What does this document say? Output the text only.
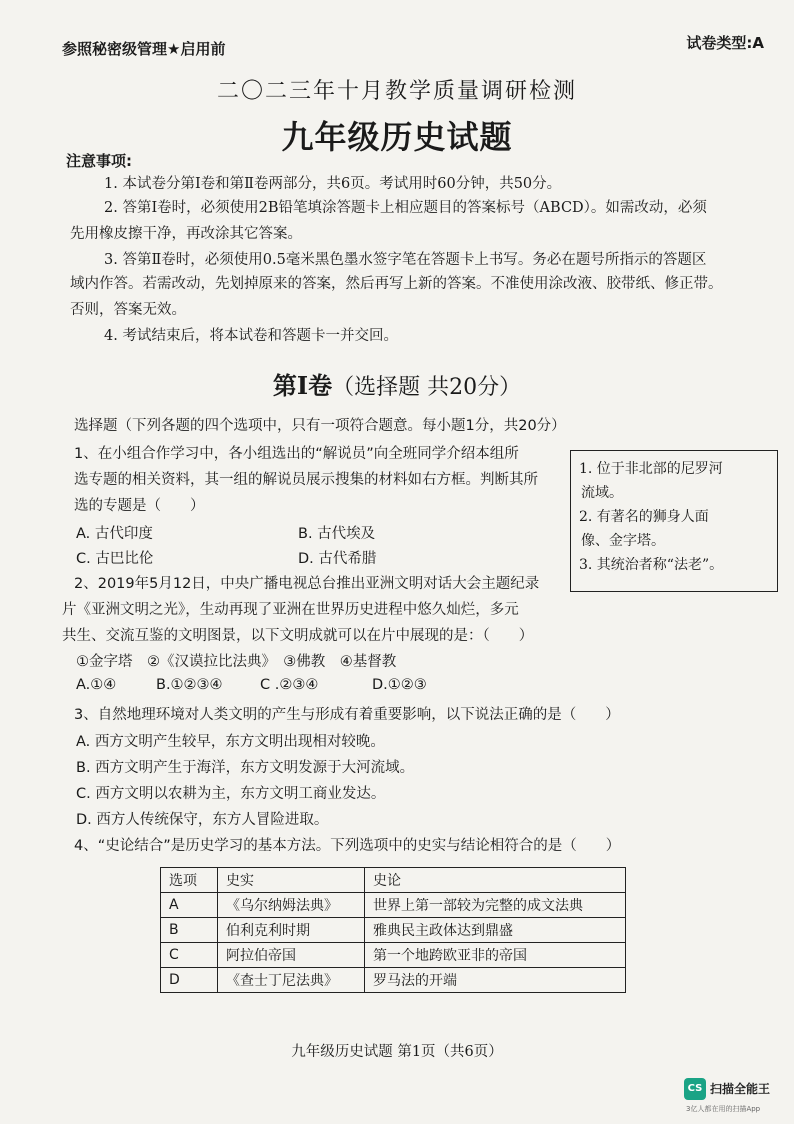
参照秘密级管理★启用前	试卷类型:A
二〇二三年十月教学质量调研检测
九年级历史试题
注意事项:
1. 本试卷分第Ⅰ卷和第Ⅱ卷两部分，共6页。考试用时60分钟，共50分。
2. 答第Ⅰ卷时，必须使用2B铅笔填涂答题卡上相应题目的答案标号（ABCD）。如需改动，必须
先用橡皮擦干净，再改涂其它答案。
3. 答第Ⅱ卷时，必须使用0.5毫米黑色墨水签字笔在答题卡上书写。务必在题号所指示的答题区
域内作答。若需改动，先划掉原来的答案，然后再写上新的答案。不准使用涂改液、胶带纸、修正带。
否则，答案无效。
4. 考试结束后，将本试卷和答题卡一并交回。
第Ⅰ卷（选择题 共20分）
选择题（下列各题的四个选项中，只有一项符合题意。每小题1分，共20分）
1、在小组合作学习中，各小组选出的“解说员”向全班同学介绍本组所
选专题的相关资料，其一组的解说员展示搜集的材料如右方框。判断其所
选的专题是（　　）
A. 古代印度	B. 古代埃及
C. 古巴比伦	D. 古代希腊
1. 位于非北部的尼罗河
流域。
2. 有著名的狮身人面
像、金字塔。
3. 其统治者称“法老”。
2、2019年5月12日，中央广播电视总台推出亚洲文明对话大会主题纪录
片《亚洲文明之光》，生动再现了亚洲在世界历史进程中悠久灿烂，多元
共生、交流互鉴的文明图景，以下文明成就可以在片中展现的是：（　　）
①金字塔　②《汉谟拉比法典》　③佛教　④基督教
A.①④	B.①②③④	C .②③④	D.①②③
3、自然地理环境对人类文明的产生与形成有着重要影响，以下说法正确的是（　　）
A. 西方文明产生较早，东方文明出现相对较晚。
B. 西方文明产生于海洋，东方文明发源于大河流域。
C. 西方文明以农耕为主，东方文明工商业发达。
D. 西方人传统保守，东方人冒险进取。
4、“史论结合”是历史学习的基本方法。下列选项中的史实与结论相符合的是（　　）
选项	史实	史论
A	《乌尔纳姆法典》	世界上第一部较为完整的成文法典
B	伯利克利时期	雅典民主政体达到鼎盛
C	阿拉伯帝国	第一个地跨欧亚非的帝国
D	《查士丁尼法典》	罗马法的开端
九年级历史试题 第1页（共6页）
CS 扫描全能王
3亿人都在用的扫描App
